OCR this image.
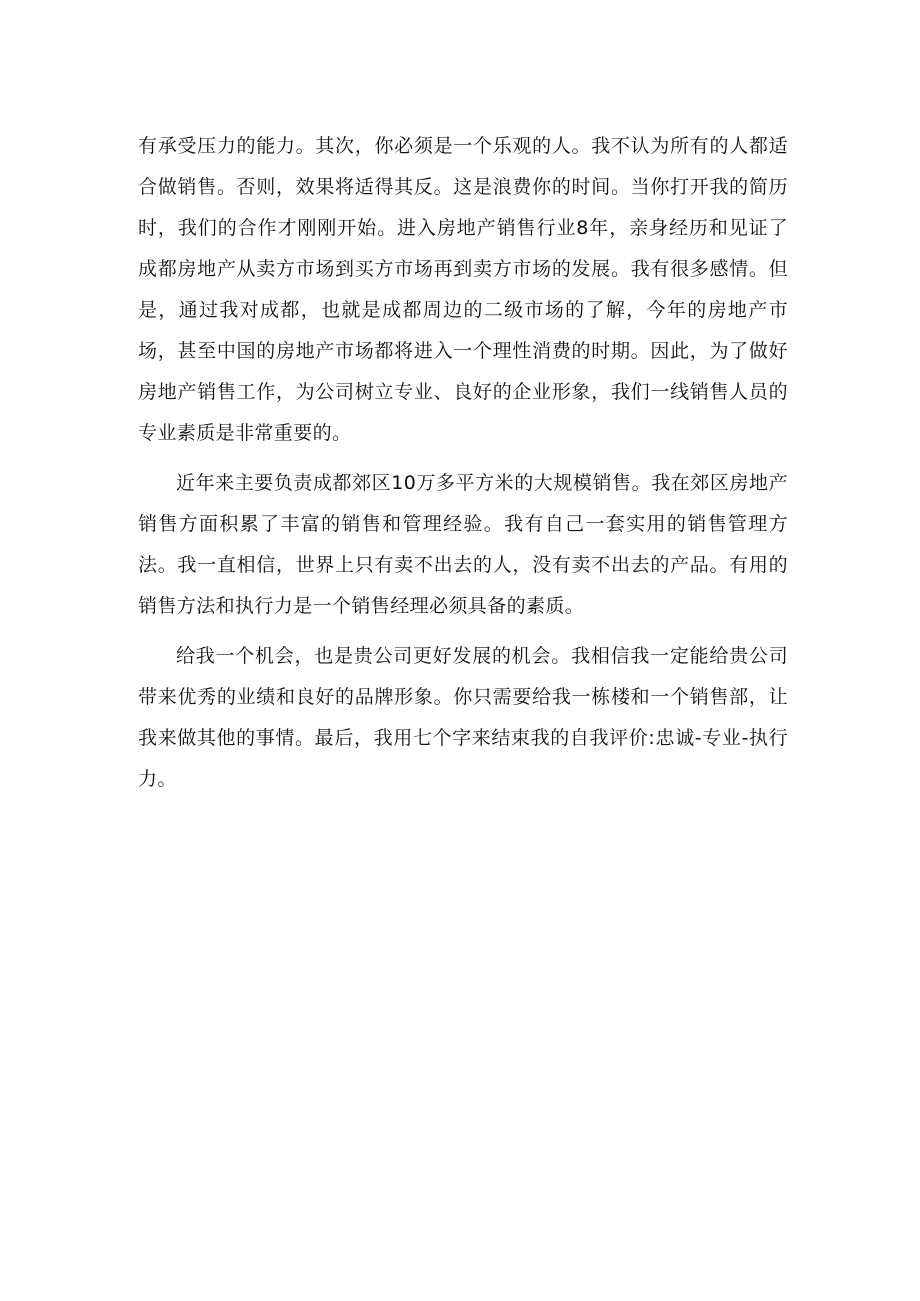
有承受压力的能力。其次，你必须是一个乐观的人。我不认为所有的人都适合做销售。否则，效果将适得其反。这是浪费你的时间。当你打开我的简历时，我们的合作才刚刚开始。进入房地产销售行业8年，亲身经历和见证了成都房地产从卖方市场到买方市场再到卖方市场的发展。我有很多感情。但是，通过我对成都，也就是成都周边的二级市场的了解，今年的房地产市场，甚至中国的房地产市场都将进入一个理性消费的时期。因此，为了做好房地产销售工作，为公司树立专业、良好的企业形象，我们一线销售人员的专业素质是非常重要的。

近年来主要负责成都郊区10万多平方米的大规模销售。我在郊区房地产销售方面积累了丰富的销售和管理经验。我有自己一套实用的销售管理方法。我一直相信，世界上只有卖不出去的人，没有卖不出去的产品。有用的销售方法和执行力是一个销售经理必须具备的素质。

给我一个机会，也是贵公司更好发展的机会。我相信我一定能给贵公司带来优秀的业绩和良好的品牌形象。你只需要给我一栋楼和一个销售部，让我来做其他的事情。最后，我用七个字来结束我的自我评价:忠诚-专业-执行力。
